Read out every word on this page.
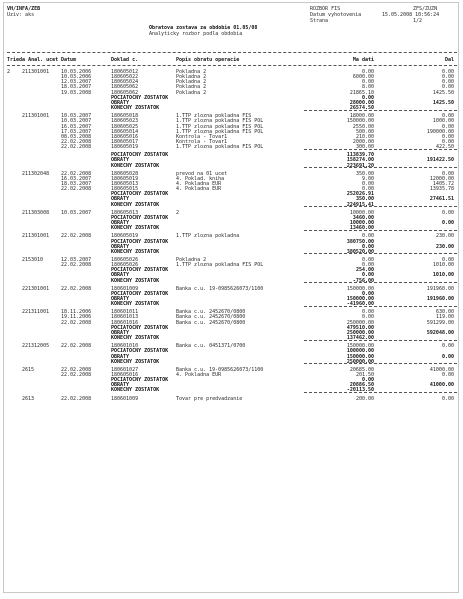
VH/INFA/ZEB
Uziv: aks
ROZBOR FIS	ZFS/ZUZN
Datum vyhotovenia	15.05.2008 10:56:24
Strana	1/2
Obratova zostava za obdobie 01.05/08
Analyticky rozbor podla obdobia
Trieda Anal. ucet Datum	Doklad c.	Popis obratu operacie	Ma dati	Dal
2 211301001 10.03.2006	180605012	Pokladna 2	0.00	0.00
10.03.2006	180605022	Pokladna 2	6000.00	0.00
12.03.2007	180605024	Pokladna 2	0.00	0.00
18.03.2007	180605062	Pokladna 2	8.00	0.00
19.03.2008	180605062	Pokladna 2	21865.10	1425.50
POCIATOCNY ZOSTATOK	0.00
OBRATY	28000.00	1425.50
KONECNY ZOSTATOK	26574.50
211301001 10.03.2007	180605018	1.TTP zlozna pokladna FIS	18000.00	0.00
10.03.2007	180605023	1.TTP zlozna pokladna FIS POL	150000.00	1000.00
16.03.2007	180605025	1.TTP zlozna pokladna FIS POL	2550.00	0.00
17.03.2007	180605014	1.TTP zlozna pokladna FIS POL	500.00	190000.00
08.03.2008	180605016	Kontrola - Tovar1	210.00	0.00
22.02.2008	180605017	Kontrola - Tovar1	2000.00	0.00
22.02.2008	180605019	1.TTP zlozna pokladna FIS POL	300.00	422.50
POCIATOCNY ZOSTATOK	113839.70
OBRATY	158274.00	191422.50
KONECNY ZOSTATOK	223691.20
211302048 22.02.2008	180605028	prevod na 01 ucet	350.00	0.00
16.03.2007	180605019	4. Poklad. kniha	9.00	12000.00
18.03.2007	180605013	4. Pokladna EUR	0.00	1405.72
22.02.2008	180605015	4. Pokladna EUR	0.00	13935.78
POCIATOCNY ZOSTATOK	252026.91
OBRATY	350.00	27461.51
KONECNY ZOSTATOK	224915.41
211303008 10.03.2007	180605013	2	10000.00	0.00
POCIATOCNY ZOSTATOK	3460.00
OBRATY	10000.00	0.00
KONECNY ZOSTATOK	13460.00
211301001 22.02.2008	180605019	1.TTP zlozna pokladna	0.00	230.00
POCIATOCNY ZOSTATOK	380750.00
OBRATY	0.00	230.00
KONECNY ZOSTATOK	380520.00
2153010	12.03.2007	180605026	Pokladna 2	0.00	0.00
22.02.2008	180605026	1.TTP zlozna pokladna FIS POL	0.00	1010.00
POCIATOCNY ZOSTATOK	254.00
OBRATY	0.00	1010.00
KONECNY ZOSTATOK	-756.00
221301001 22.02.2008	180601009	Banka c.u. 19-0985626073/1100	150000.00	191960.00
POCIATOCNY ZOSTATOK	0.00
OBRATY	150000.00	191960.00
KONECNY ZOSTATOK	-41960.00
221311001 18.11.2006	180601011	Banka c.u. 2452670/0800	0.00	630.00
19.11.2006	180601013	Banka c.u. 2452670/0800	0.00	119.00
22.02.2008	180601016	Banka c.u. 2452670/0800	250000.00	591299.00
POCIATOCNY ZOSTATOK	479510.00
OBRATY	250000.00	592048.00
KONECNY ZOSTATOK	137462.00
221312005 22.02.2008	180601010	Banka c.u. 0451371/0700	150000.00	0.00
POCIATOCNY ZOSTATOK	100000.00
OBRATY	150000.00	0.00
KONECNY ZOSTATOK	250000.00
2615	22.02.2008	180601027	Banka c.u. 19-0985626073/1100	20685.00	41000.00
22.02.2008	180605016	4. Pokladna EUR	201.50	0.00
POCIATOCNY ZOSTATOK	0.00
OBRATY	20886.50	41000.00
KONECNY ZOSTATOK	-20113.50
2613	22.02.2008	180601009	Tovar pre predvadzanie	200.00	0.00
